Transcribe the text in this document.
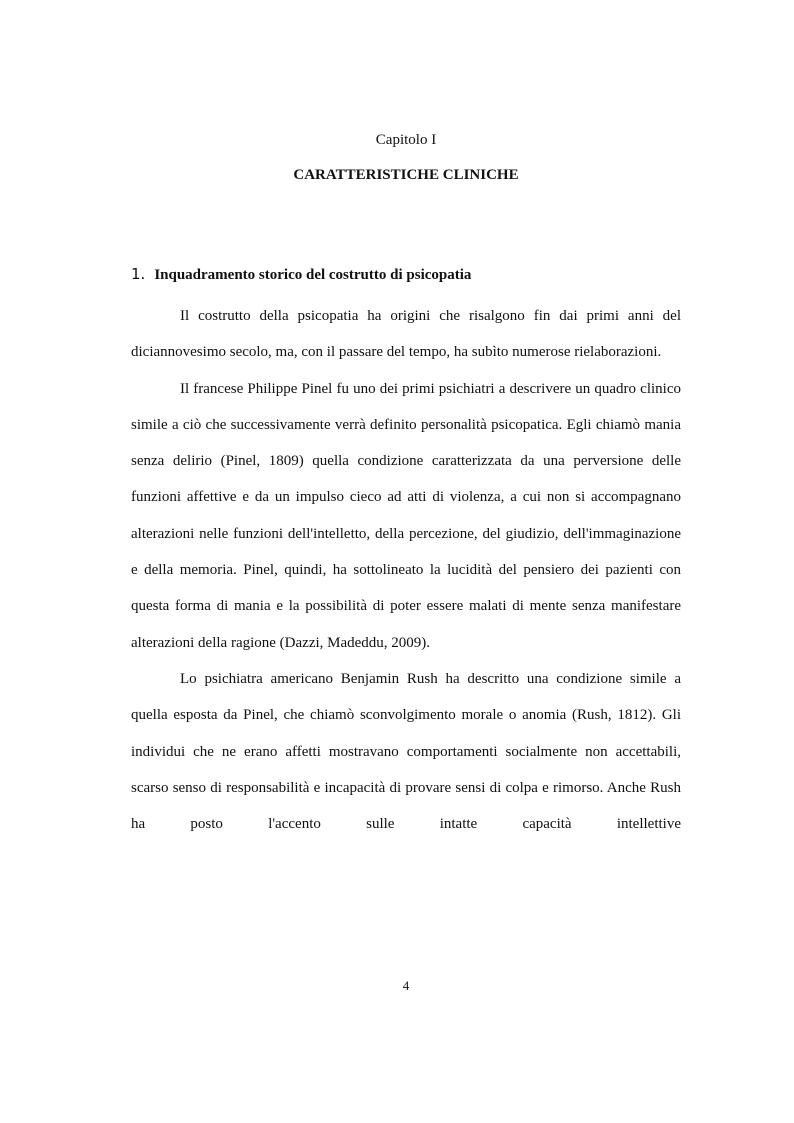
Capitolo I
CARATTERISTICHE CLINICHE
1. Inquadramento storico del costrutto di psicopatia

Il costrutto della psicopatia ha origini che risalgono fin dai primi anni del diciannovesimo secolo, ma, con il passare del tempo, ha subìto numerose rielaborazioni.

Il francese Philippe Pinel fu uno dei primi psichiatri a descrivere un quadro clinico simile a ciò che successivamente verrà definito personalità psicopatica. Egli chiamò mania senza delirio (Pinel, 1809) quella condizione caratterizzata da una perversione delle funzioni affettive e da un impulso cieco ad atti di violenza, a cui non si accompagnano alterazioni nelle funzioni dell'intelletto, della percezione, del giudizio, dell'immaginazione e della memoria. Pinel, quindi, ha sottolineato la lucidità del pensiero dei pazienti con questa forma di mania e la possibilità di poter essere malati di mente senza manifestare alterazioni della ragione (Dazzi, Madeddu, 2009).

Lo psichiatra americano Benjamin Rush ha descritto una condizione simile a quella esposta da Pinel, che chiamò sconvolgimento morale o anomia (Rush, 1812). Gli individui che ne erano affetti mostravano comportamenti socialmente non accettabili, scarso senso di responsabilità e incapacità di provare sensi di colpa e rimorso. Anche Rush ha posto l'accento sulle intatte capacità intellettive

4
